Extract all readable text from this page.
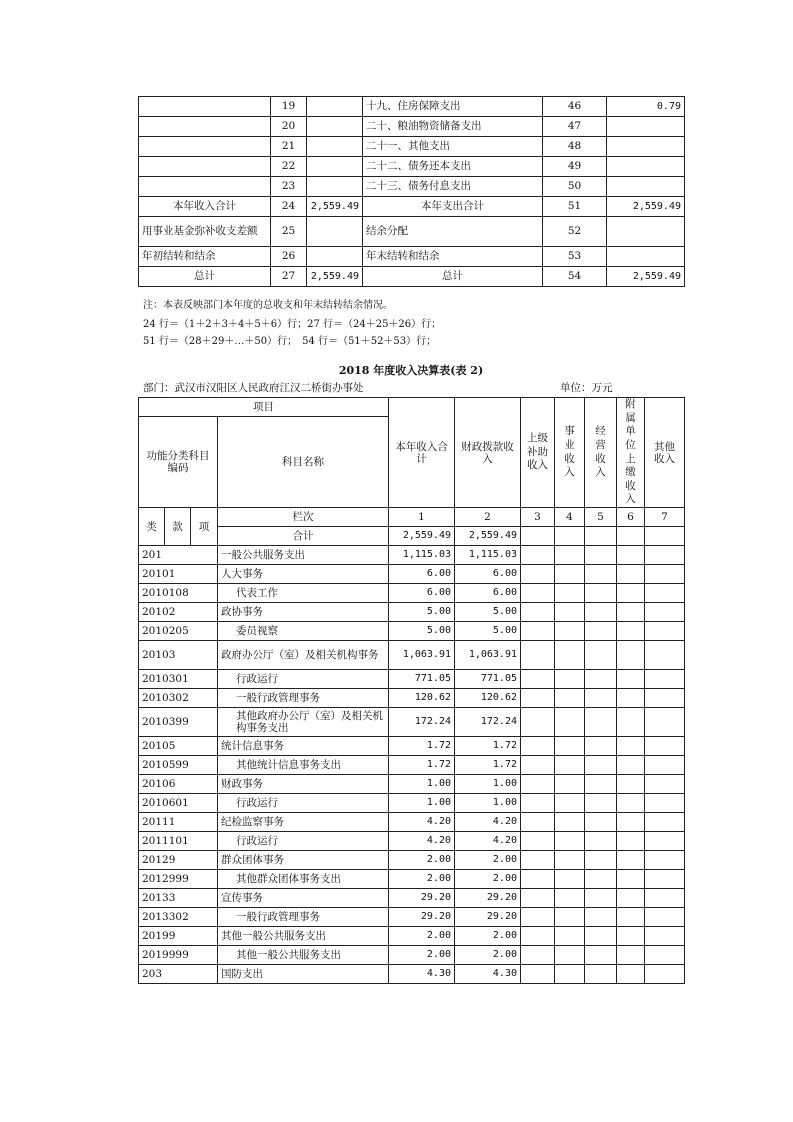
	19		十九、住房保障支出	46	0.79
	20		二十、粮油物资储备支出	47	
	21		二十一、其他支出	48	
	22		二十二、债务还本支出	49	
	23		二十三、债务付息支出	50	
本年收入合计	24	2,559.49	本年支出合计	51	2,559.49
用事业基金弥补收支差额	25		结余分配	52	
年初结转和结余	26		年末结转和结余	53	
总计	27	2,559.49	总计	54	2,559.49
注：本表反映部门本年度的总收支和年末结转结余情况。
24 行＝（1＋2＋3＋4＋5＋6）行；27 行＝（24＋25＋26）行；
51 行＝（28＋29＋…＋50）行；　54 行＝（51＋52＋53）行；
2018 年度收入决算表(表 2)
部门：武汉市汉阳区人民政府江汉二桥街办事处	单位：万元
项目				本年收入合计	财政拨款收入	上级补助收入	事业收入	经营收入	附属单位上缴收入	其他收入
功能分类科目编码			科目名称							
类	款	项	栏次	1	2	3	4	5	6	7
			合计	2,559.49	2,559.49					
201			一般公共服务支出	1,115.03	1,115.03					
20101			人大事务	6.00	6.00					
2010108			代表工作	6.00	6.00					
20102			政协事务	5.00	5.00					
2010205			委员视察	5.00	5.00					
20103			政府办公厅（室）及相关机构事务	1,063.91	1,063.91					
2010301			行政运行	771.05	771.05					
2010302			一般行政管理事务	120.62	120.62					
2010399			其他政府办公厅（室）及相关机构事务支出	172.24	172.24					
20105			统计信息事务	1.72	1.72					
2010599			其他统计信息事务支出	1.72	1.72					
20106			财政事务	1.00	1.00					
2010601			行政运行	1.00	1.00					
20111			纪检监察事务	4.20	4.20					
2011101			行政运行	4.20	4.20					
20129			群众团体事务	2.00	2.00					
2012999			其他群众团体事务支出	2.00	2.00					
20133			宣传事务	29.20	29.20					
2013302			一般行政管理事务	29.20	29.20					
20199			其他一般公共服务支出	2.00	2.00					
2019999			其他一般公共服务支出	2.00	2.00					
203			国防支出	4.30	4.30					
